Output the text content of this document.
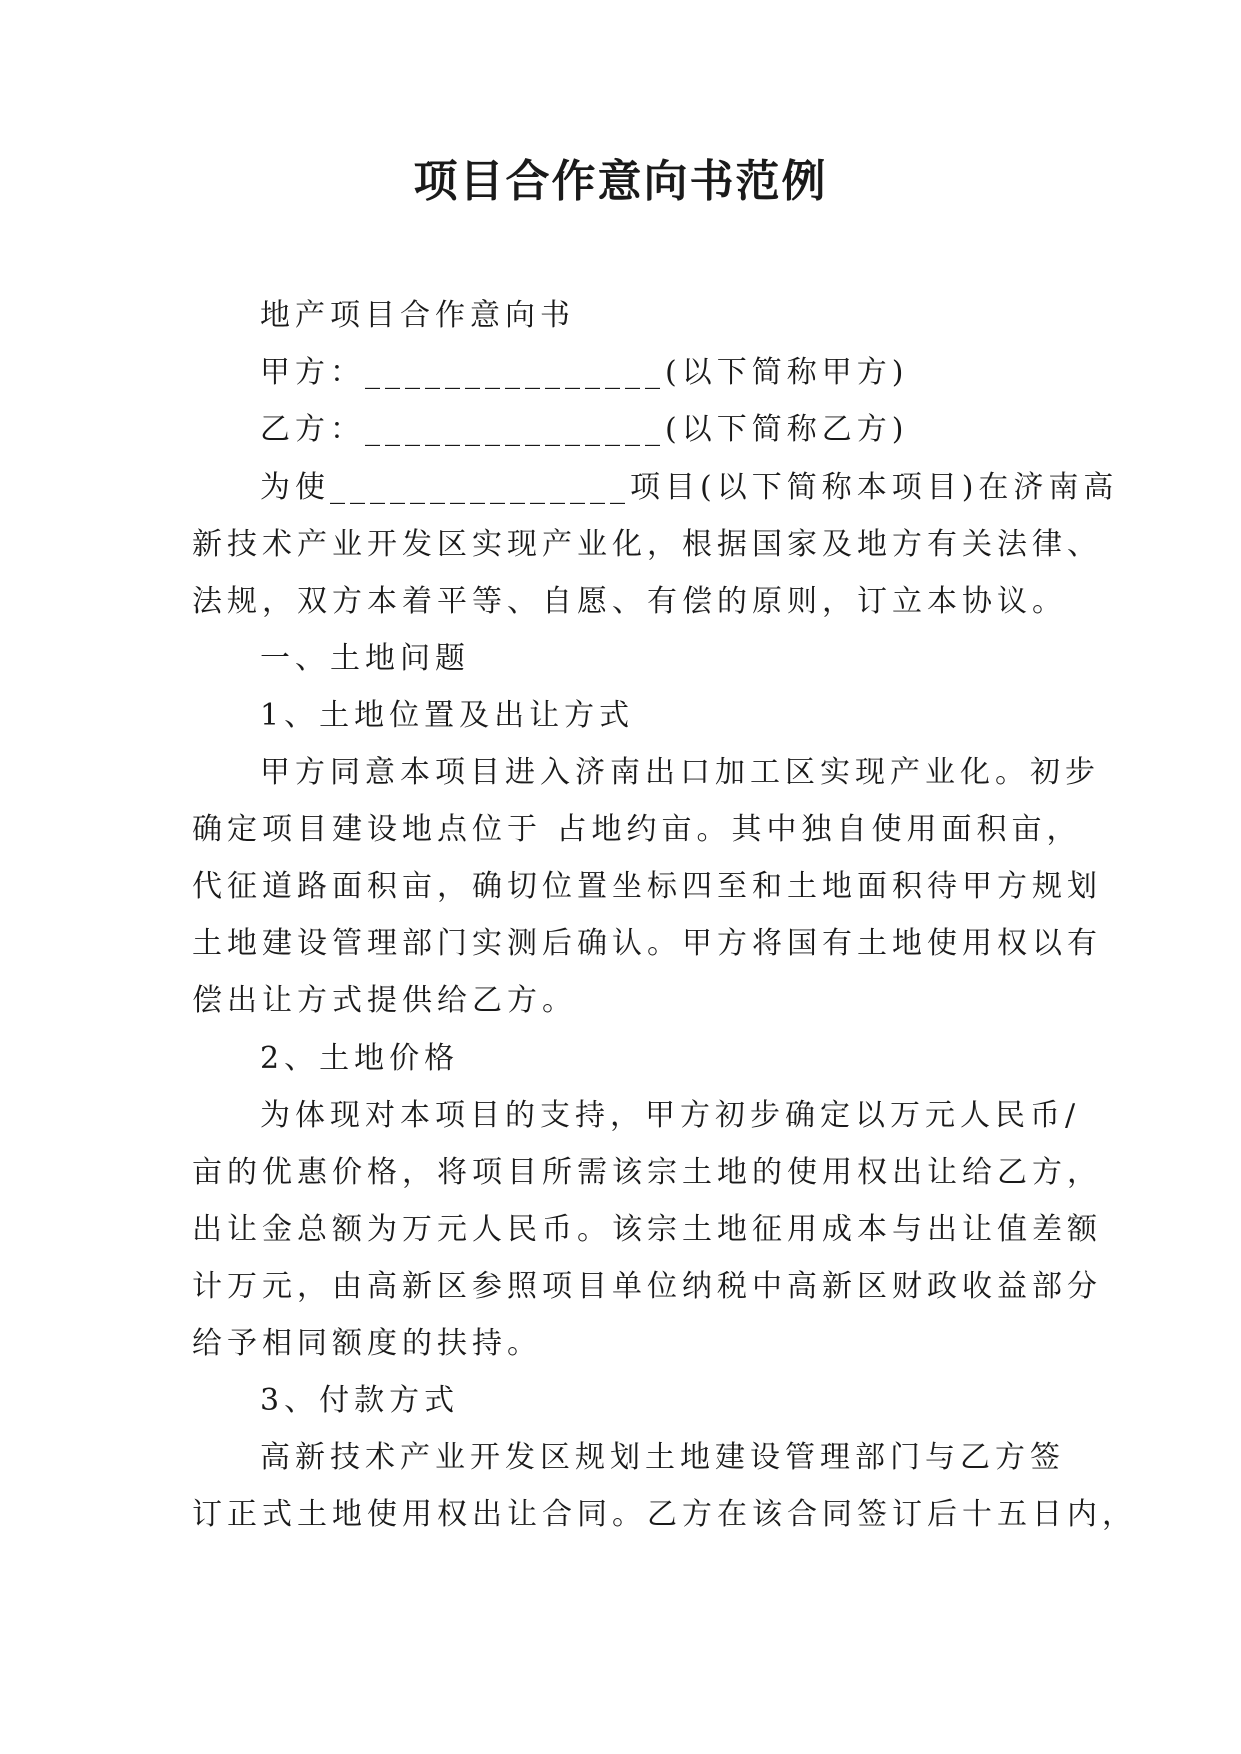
项目合作意向书范例
地产项目合作意向书
甲方：_______________(以下简称甲方)
乙方：_______________(以下简称乙方)
为使_______________项目(以下简称本项目)在济南高
新技术产业开发区实现产业化，根据国家及地方有关法律、
法规，双方本着平等、自愿、有偿的原则，订立本协议。
一、土地问题
1、土地位置及出让方式
甲方同意本项目进入济南出口加工区实现产业化。初步
确定项目建设地点位于 占地约亩。其中独自使用面积亩，
代征道路面积亩，确切位置坐标四至和土地面积待甲方规划
土地建设管理部门实测后确认。甲方将国有土地使用权以有
偿出让方式提供给乙方。
2、土地价格
为体现对本项目的支持，甲方初步确定以万元人民币/
亩的优惠价格，将项目所需该宗土地的使用权出让给乙方，
出让金总额为万元人民币。该宗土地征用成本与出让值差额
计万元，由高新区参照项目单位纳税中高新区财政收益部分
给予相同额度的扶持。
3、付款方式
高新技术产业开发区规划土地建设管理部门与乙方签
订正式土地使用权出让合同。乙方在该合同签订后十五日内，
